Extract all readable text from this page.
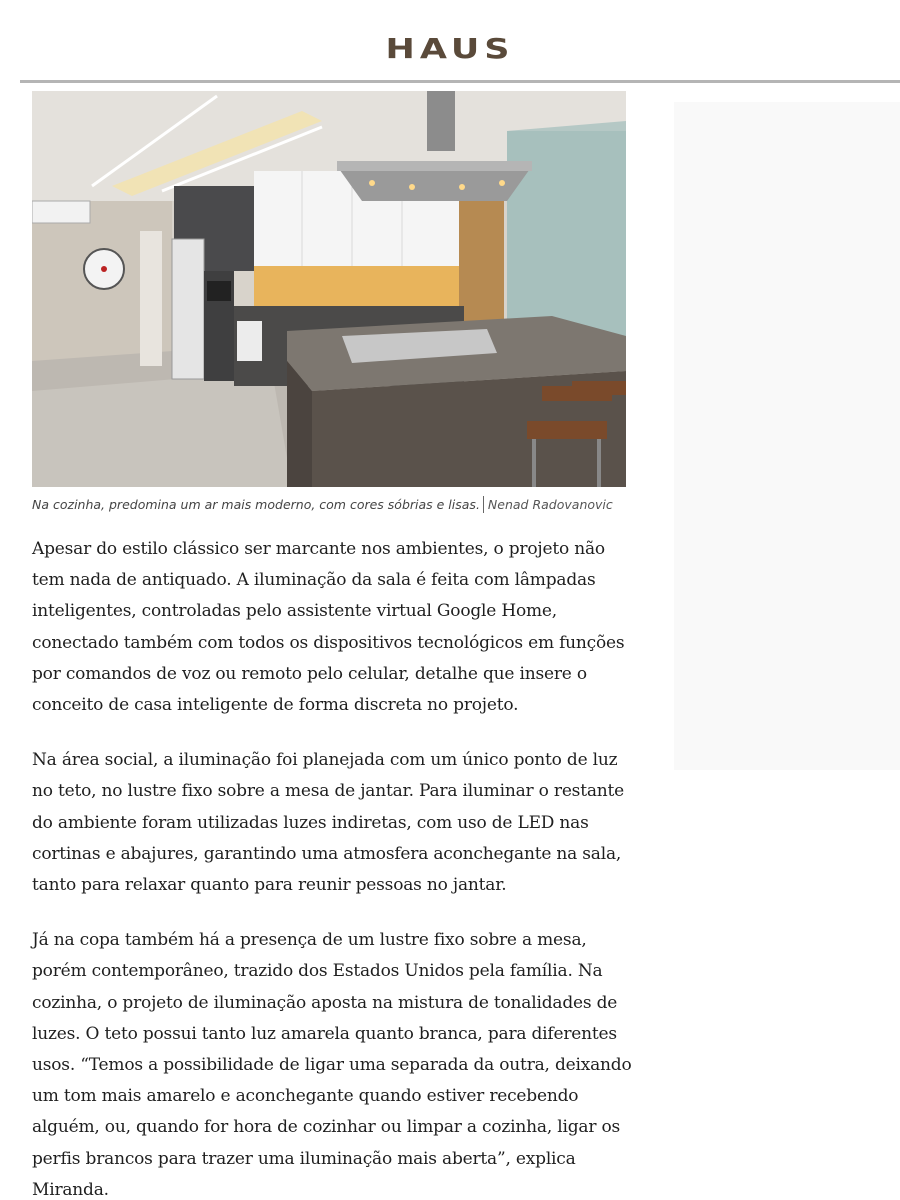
HAUS
Na cozinha, predomina um ar mais moderno, com cores sóbrias e lisas. Nenad Radovanovic

Apesar do estilo clássico ser marcante nos ambientes, o projeto não tem nada de antiquado. A iluminação da sala é feita com lâmpadas inteligentes, controladas pelo assistente virtual Google Home, conectado também com todos os dispositivos tecnológicos em funções por comandos de voz ou remoto pelo celular, detalhe que insere o conceito de casa inteligente de forma discreta no projeto.

Na área social, a iluminação foi planejada com um único ponto de luz no teto, no lustre fixo sobre a mesa de jantar. Para iluminar o restante do ambiente foram utilizadas luzes indiretas, com uso de LED nas cortinas e abajures, garantindo uma atmosfera aconchegante na sala, tanto para relaxar quanto para reunir pessoas no jantar.

Já na copa também há a presença de um lustre fixo sobre a mesa, porém contemporâneo, trazido dos Estados Unidos pela família. Na cozinha, o projeto de iluminação aposta na mistura de tonalidades de luzes. O teto possui tanto luz amarela quanto branca, para diferentes usos. “Temos a possibilidade de ligar uma separada da outra, deixando um tom mais amarelo e aconchegante quando estiver recebendo alguém, ou, quando for hora de cozinhar ou limpar a cozinha, ligar os perfis brancos para trazer uma iluminação mais aberta”, explica Miranda.
